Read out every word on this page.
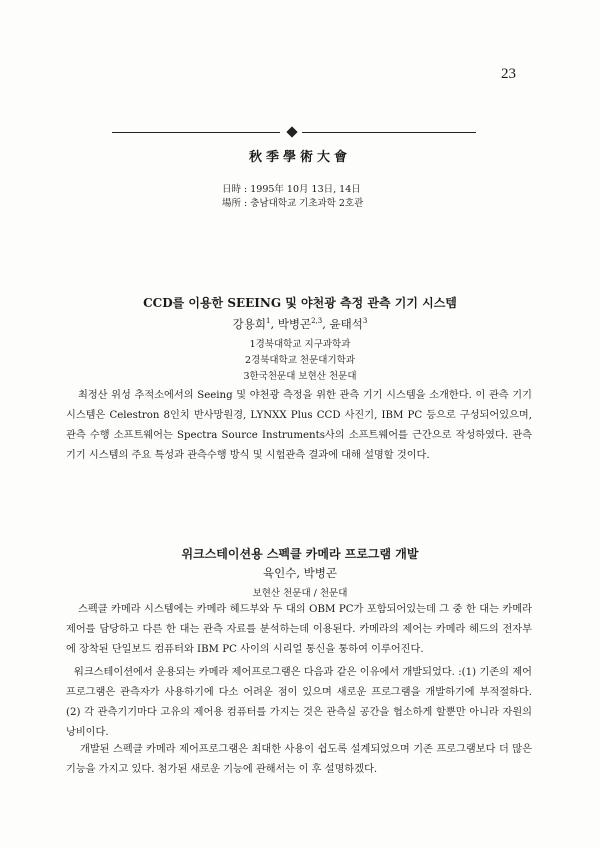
23
秋季學術大會
日時 : 1995年 10月 13日, 14日
場所 : 충남대학교 기초과학 2호관
CCD를 이용한 SEEING 및 야천광 측정 관측 기기 시스템
강용희$^1$, 박병곤$^{2,3}$, 윤태석$^3$
1경북대학교 지구과학과
2경북대학교 천문대기학과
3한국천문대 보현산 천문대

최정산 위성 추적소에서의 Seeing 및 야천광 측정을 위한 관측 기기 시스템을 소개한다. 이 관측 기기 시스템은 Celestron 8인치 반사망원경, LYNXX Plus CCD 사진기, IBM PC 등으로 구성되어있으며, 관측 수행 소프트웨어는 Spectra Source Instruments사의 소프트웨어를 근간으로 작성하였다. 관측 기기 시스템의 주요 특성과 관측수행 방식 및 시험관측 결과에 대해 설명할 것이다.

위크스테이션용 스펙클 카메라 프로그램 개발
육인수, 박병곤
보현산 천문대 / 천문대

스펙클 카메라 시스템에는 카메라 헤드부와 두 대의 OBM PC가 포함되어있는데 그 중 한 대는 카메라 제어를 담당하고 다른 한 대는 관측 자료를 분석하는데 이용된다. 카메라의 제어는 카메라 헤드의 전자부에 장착된 단일보드 컴퓨터와 IBM PC 사이의 시리얼 통신을 통하여 이루어진다.

워크스테이션에서 운용되는 카메라 제어프로그램은 다음과 같은 이유에서 개발되었다. :(1) 기존의 제어프로그램은 관측자가 사용하기에 다소 어려운 점이 있으며 새로운 프로그램을 개발하기에 부적절하다. (2) 각 관측기기마다 고유의 제어용 컴퓨터를 가지는 것은 관측실 공간을 협소하게 할뿐만 아니라 자원의 낭비이다.

개발된 스펙클 카메라 제어프로그램은 최대한 사용이 쉽도록 설계되었으며 기존 프로그램보다 더 많은 기능을 가지고 있다. 첨가된 새로운 기능에 관해서는 이 후 설명하겠다.
